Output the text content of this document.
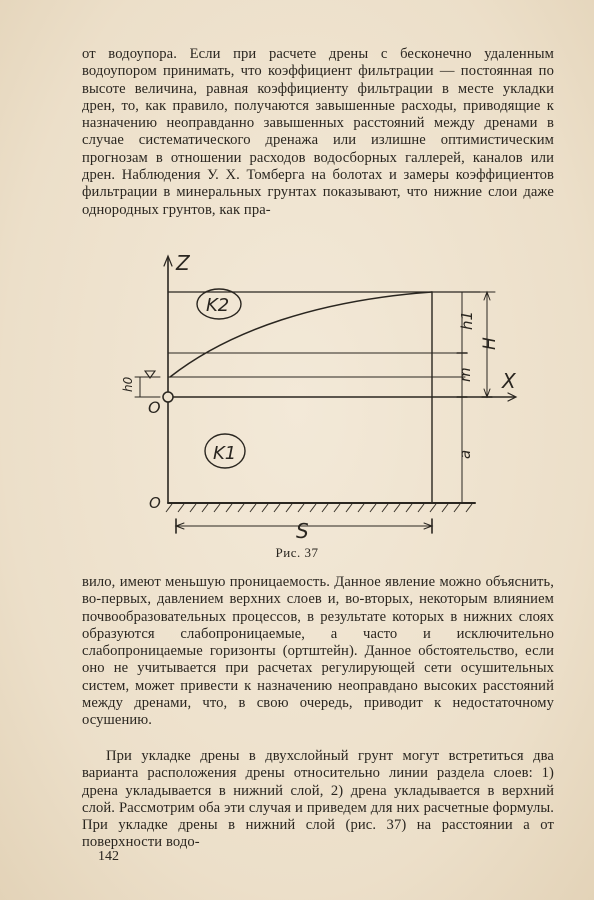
от водоупора. Если при расчете дрены с бесконечно удаленным водоупором принимать, что коэффициент фильтрации — постоянная по высоте величина, равная коэффициенту фильтрации в месте укладки дрен, то, как правило, получаются завышенные расходы, приводящие к назначению неоправданно завышенных расстояний между дренами в случае систематического дренажа или излишне оптимистическим прогнозам в отношении расходов водосборных галлерей, каналов или дрен. Наблюдения У. Х. Томберга на болотах и замеры коэффициентов фильтрации в минеральных грунтах показывают, что нижние слои даже однородных грунтов, как пра-

Z
X
K2
K1
O
O
h0
h1
H
m
a
S
Рис. 37

вило, имеют меньшую проницаемость. Данное явление можно объяснить, во-первых, давлением верхних слоев и, во-вторых, некоторым влиянием почвообразовательных процессов, в результате которых в нижних слоях образуются слабопроницаемые, а часто и исключительно слабопроницаемые горизонты (ортштейн). Данное обстоятельство, если оно не учитывается при расчетах регулирующей сети осушительных систем, может привести к назначению неоправдано высоких расстояний между дренами, что, в свою очередь, приводит к недостаточному осушению.

При укладке дрены в двухслойный грунт могут встретиться два варианта расположения дрены относительно линии раздела слоев: 1) дрена укладывается в нижний слой, 2) дрена укладывается в верхний слой. Рассмотрим оба эти случая и приведем для них расчетные формулы. При укладке дрены в нижний слой (рис. 37) на расстоянии a от поверхности водо-

142
